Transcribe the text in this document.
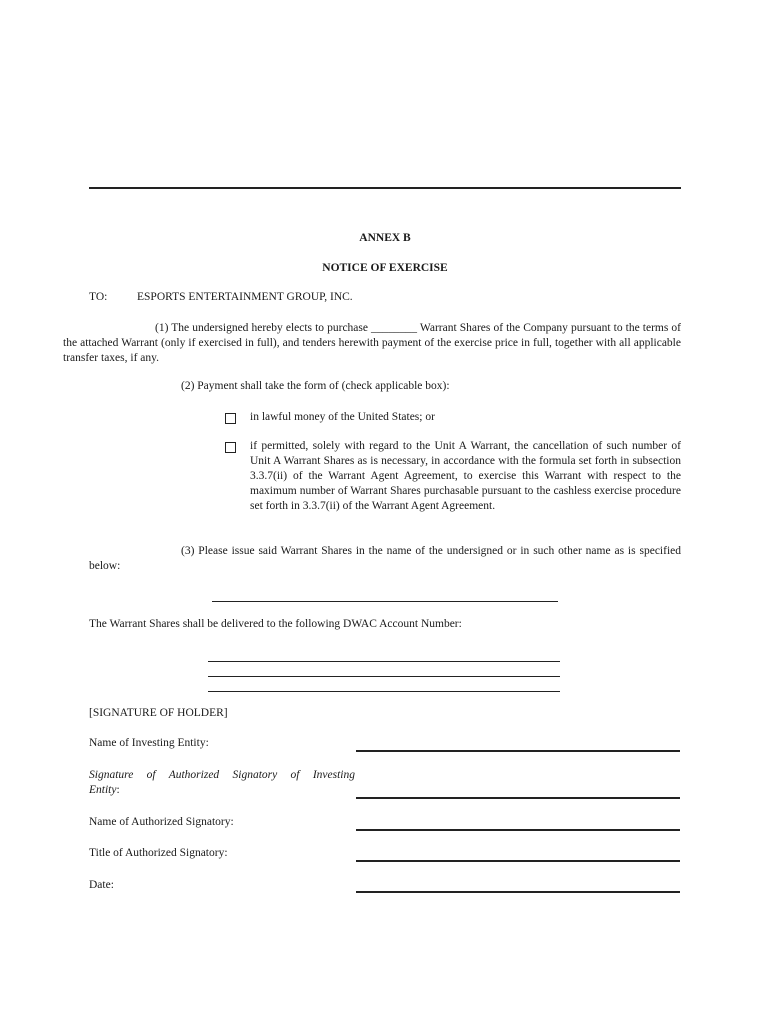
ANNEX B
NOTICE OF EXERCISE
TO:	ESPORTS ENTERTAINMENT GROUP, INC.
(1) The undersigned hereby elects to purchase ________ Warrant Shares of the Company pursuant to the terms of the attached Warrant (only if exercised in full), and tenders herewith payment of the exercise price in full, together with all applicable transfer taxes, if any.
(2) Payment shall take the form of (check applicable box):
in lawful money of the United States; or
if permitted, solely with regard to the Unit A Warrant, the cancellation of such number of Unit A Warrant Shares as is necessary, in accordance with the formula set forth in subsection 3.3.7(ii) of the Warrant Agent Agreement, to exercise this Warrant with respect to the maximum number of Warrant Shares purchasable pursuant to the cashless exercise procedure set forth in 3.3.7(ii) of the Warrant Agent Agreement.
(3) Please issue said Warrant Shares in the name of the undersigned or in such other name as is specified below:
The Warrant Shares shall be delivered to the following DWAC Account Number:
[SIGNATURE OF HOLDER]
Name of Investing Entity:
Signature of Authorized Signatory of Investing
Entity:
Name of Authorized Signatory:
Title of Authorized Signatory:
Date:
